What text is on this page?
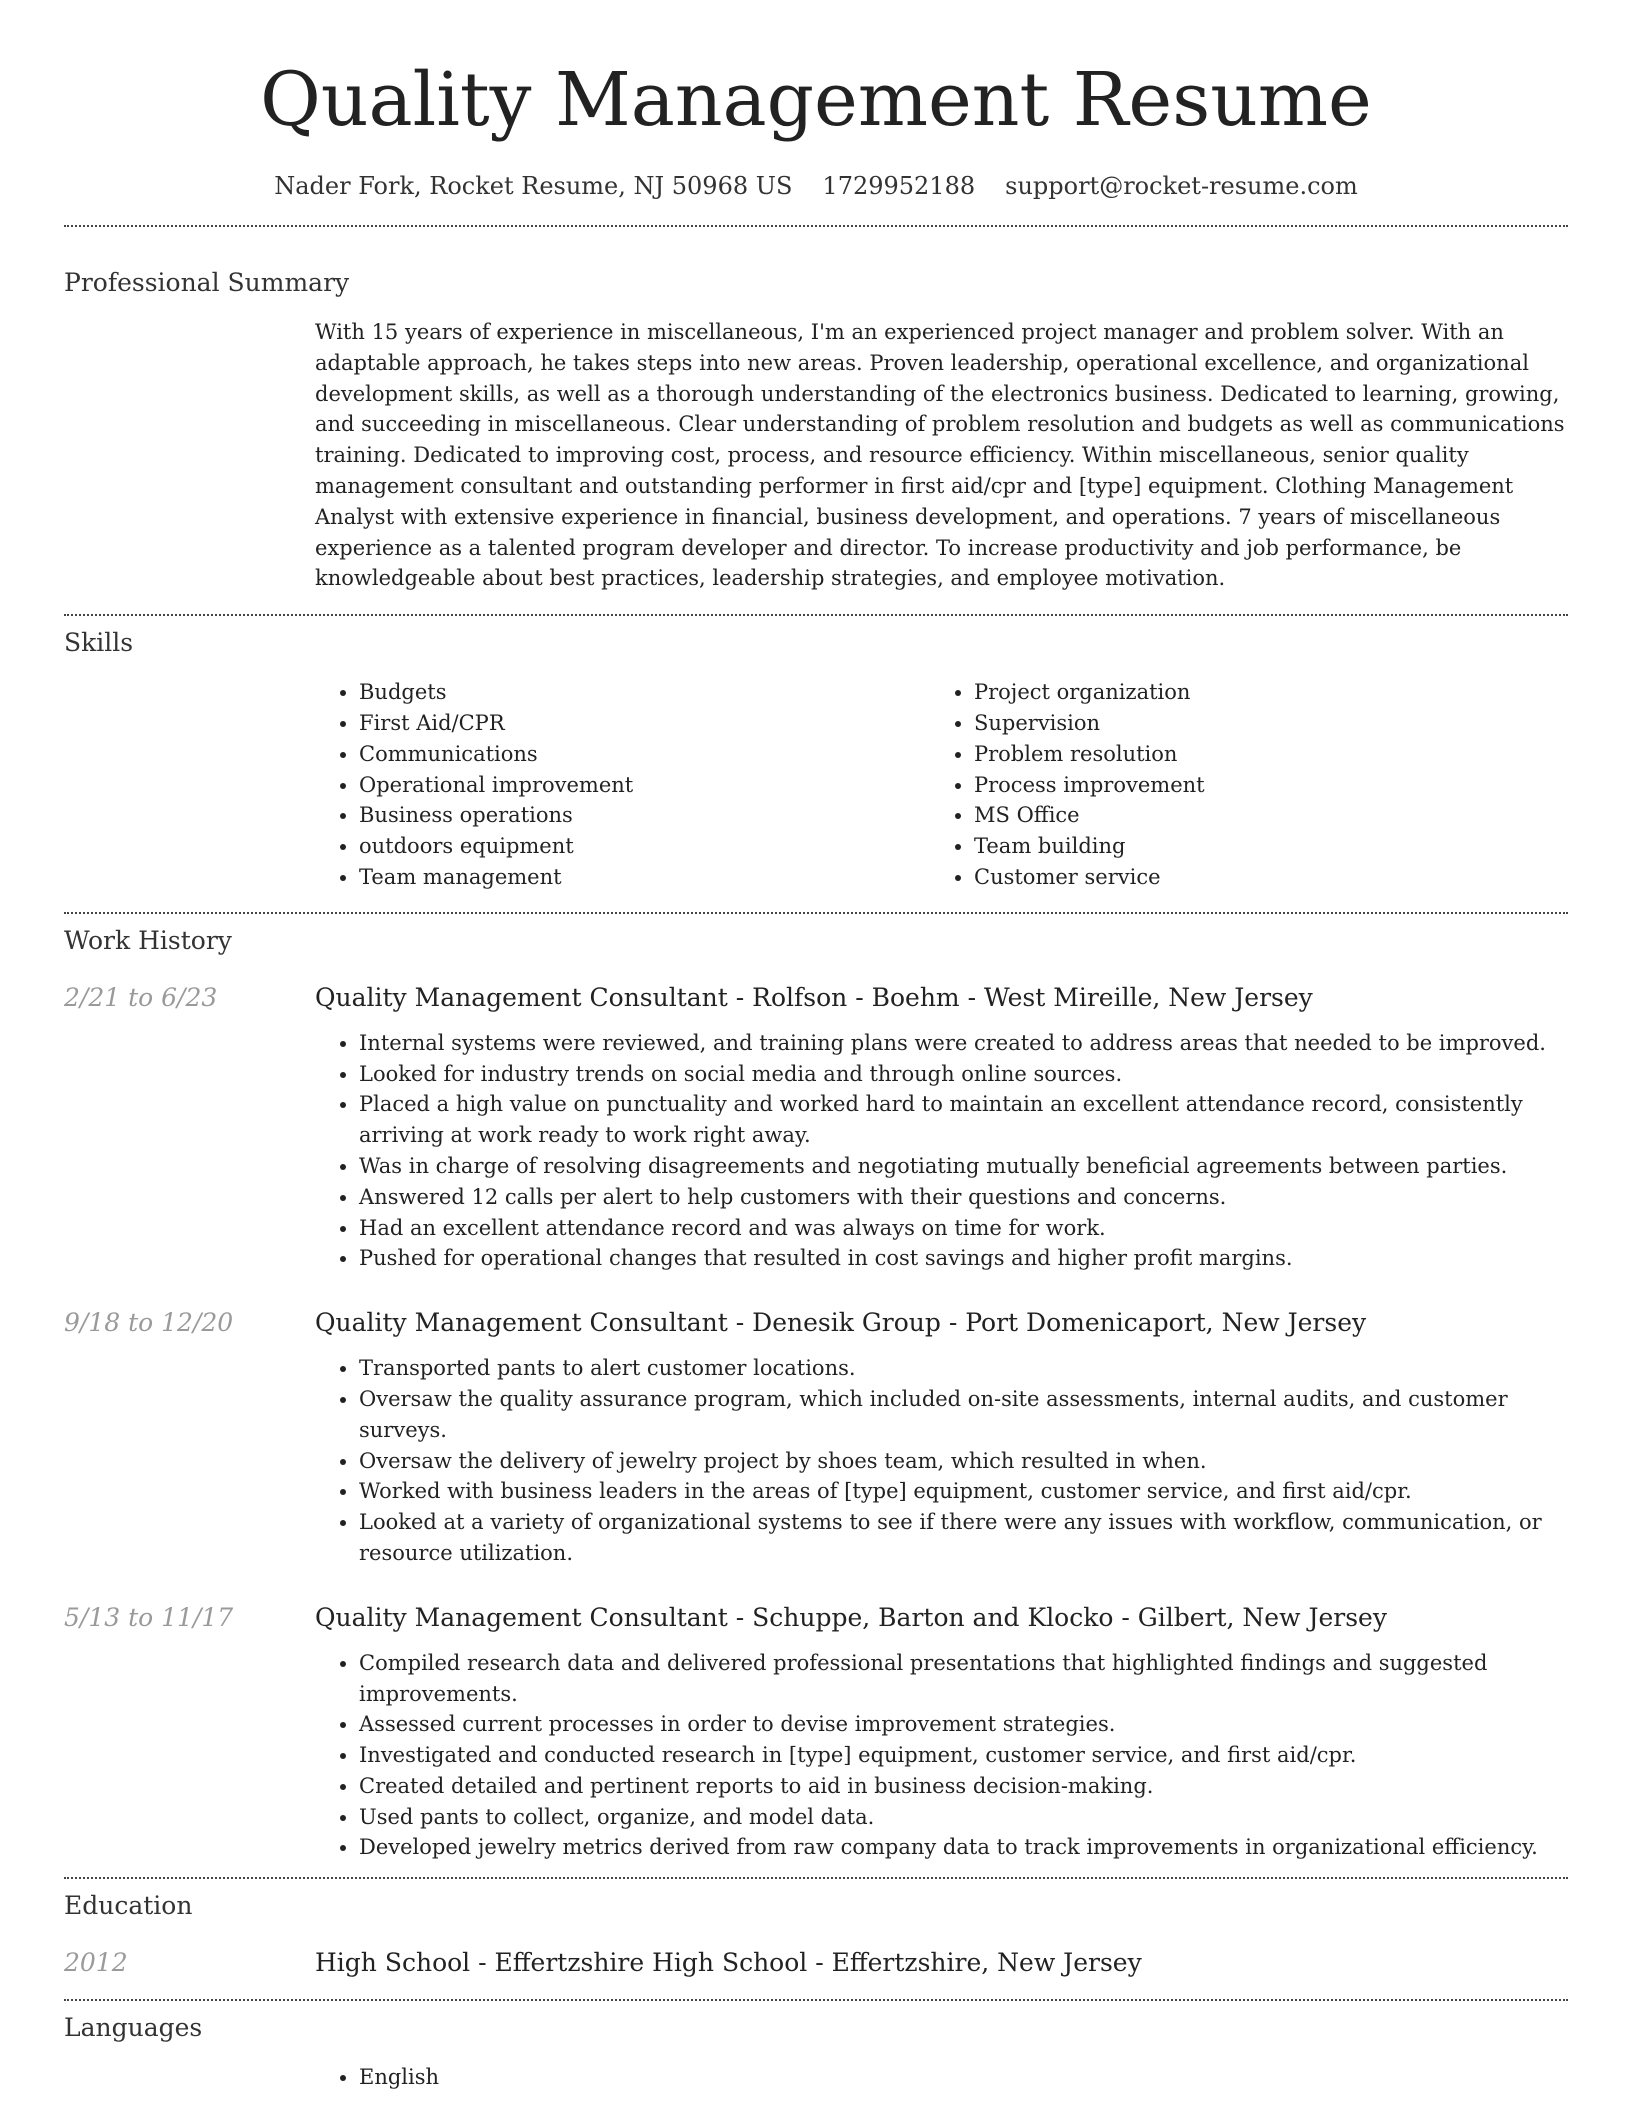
Quality Management Resume
Nader Fork, Rocket Resume, NJ 50968 US 1729952188 support@rocket-resume.com
Professional Summary

With 15 years of experience in miscellaneous, I'm an experienced project manager and problem solver. With an adaptable approach, he takes steps into new areas. Proven leadership, operational excellence, and organizational development skills, as well as a thorough understanding of the electronics business. Dedicated to learning, growing, and succeeding in miscellaneous. Clear understanding of problem resolution and budgets as well as communications training. Dedicated to improving cost, process, and resource efficiency. Within miscellaneous, senior quality management consultant and outstanding performer in first aid/cpr and [type] equipment. Clothing Management Analyst with extensive experience in financial, business development, and operations. 7 years of miscellaneous experience as a talented program developer and director. To increase productivity and job performance, be knowledgeable about best practices, leadership strategies, and employee motivation.

Skills
• Budgets
• First Aid/CPR
• Communications
• Operational improvement
• Business operations
• outdoors equipment
• Team management
• Project organization
• Supervision
• Problem resolution
• Process improvement
• MS Office
• Team building
• Customer service
Work History
2/21 to 6/23	Quality Management Consultant - Rolfson - Boehm - West Mireille, New Jersey
• Internal systems were reviewed, and training plans were created to address areas that needed to be improved.
• Looked for industry trends on social media and through online sources.
• Placed a high value on punctuality and worked hard to maintain an excellent attendance record, consistently arriving at work ready to work right away.
• Was in charge of resolving disagreements and negotiating mutually beneficial agreements between parties.
• Answered 12 calls per alert to help customers with their questions and concerns.
• Had an excellent attendance record and was always on time for work.
• Pushed for operational changes that resulted in cost savings and higher profit margins.
9/18 to 12/20	Quality Management Consultant - Denesik Group - Port Domenicaport, New Jersey
• Transported pants to alert customer locations.
• Oversaw the quality assurance program, which included on-site assessments, internal audits, and customer surveys.
• Oversaw the delivery of jewelry project by shoes team, which resulted in when.
• Worked with business leaders in the areas of [type] equipment, customer service, and first aid/cpr.
• Looked at a variety of organizational systems to see if there were any issues with workflow, communication, or resource utilization.
5/13 to 11/17	Quality Management Consultant - Schuppe, Barton and Klocko - Gilbert, New Jersey
• Compiled research data and delivered professional presentations that highlighted findings and suggested improvements.
• Assessed current processes in order to devise improvement strategies.
• Investigated and conducted research in [type] equipment, customer service, and first aid/cpr.
• Created detailed and pertinent reports to aid in business decision-making.
• Used pants to collect, organize, and model data.
• Developed jewelry metrics derived from raw company data to track improvements in organizational efficiency.
Education
2012	High School - Effertzshire High School - Effertzshire, New Jersey
Languages
• English
